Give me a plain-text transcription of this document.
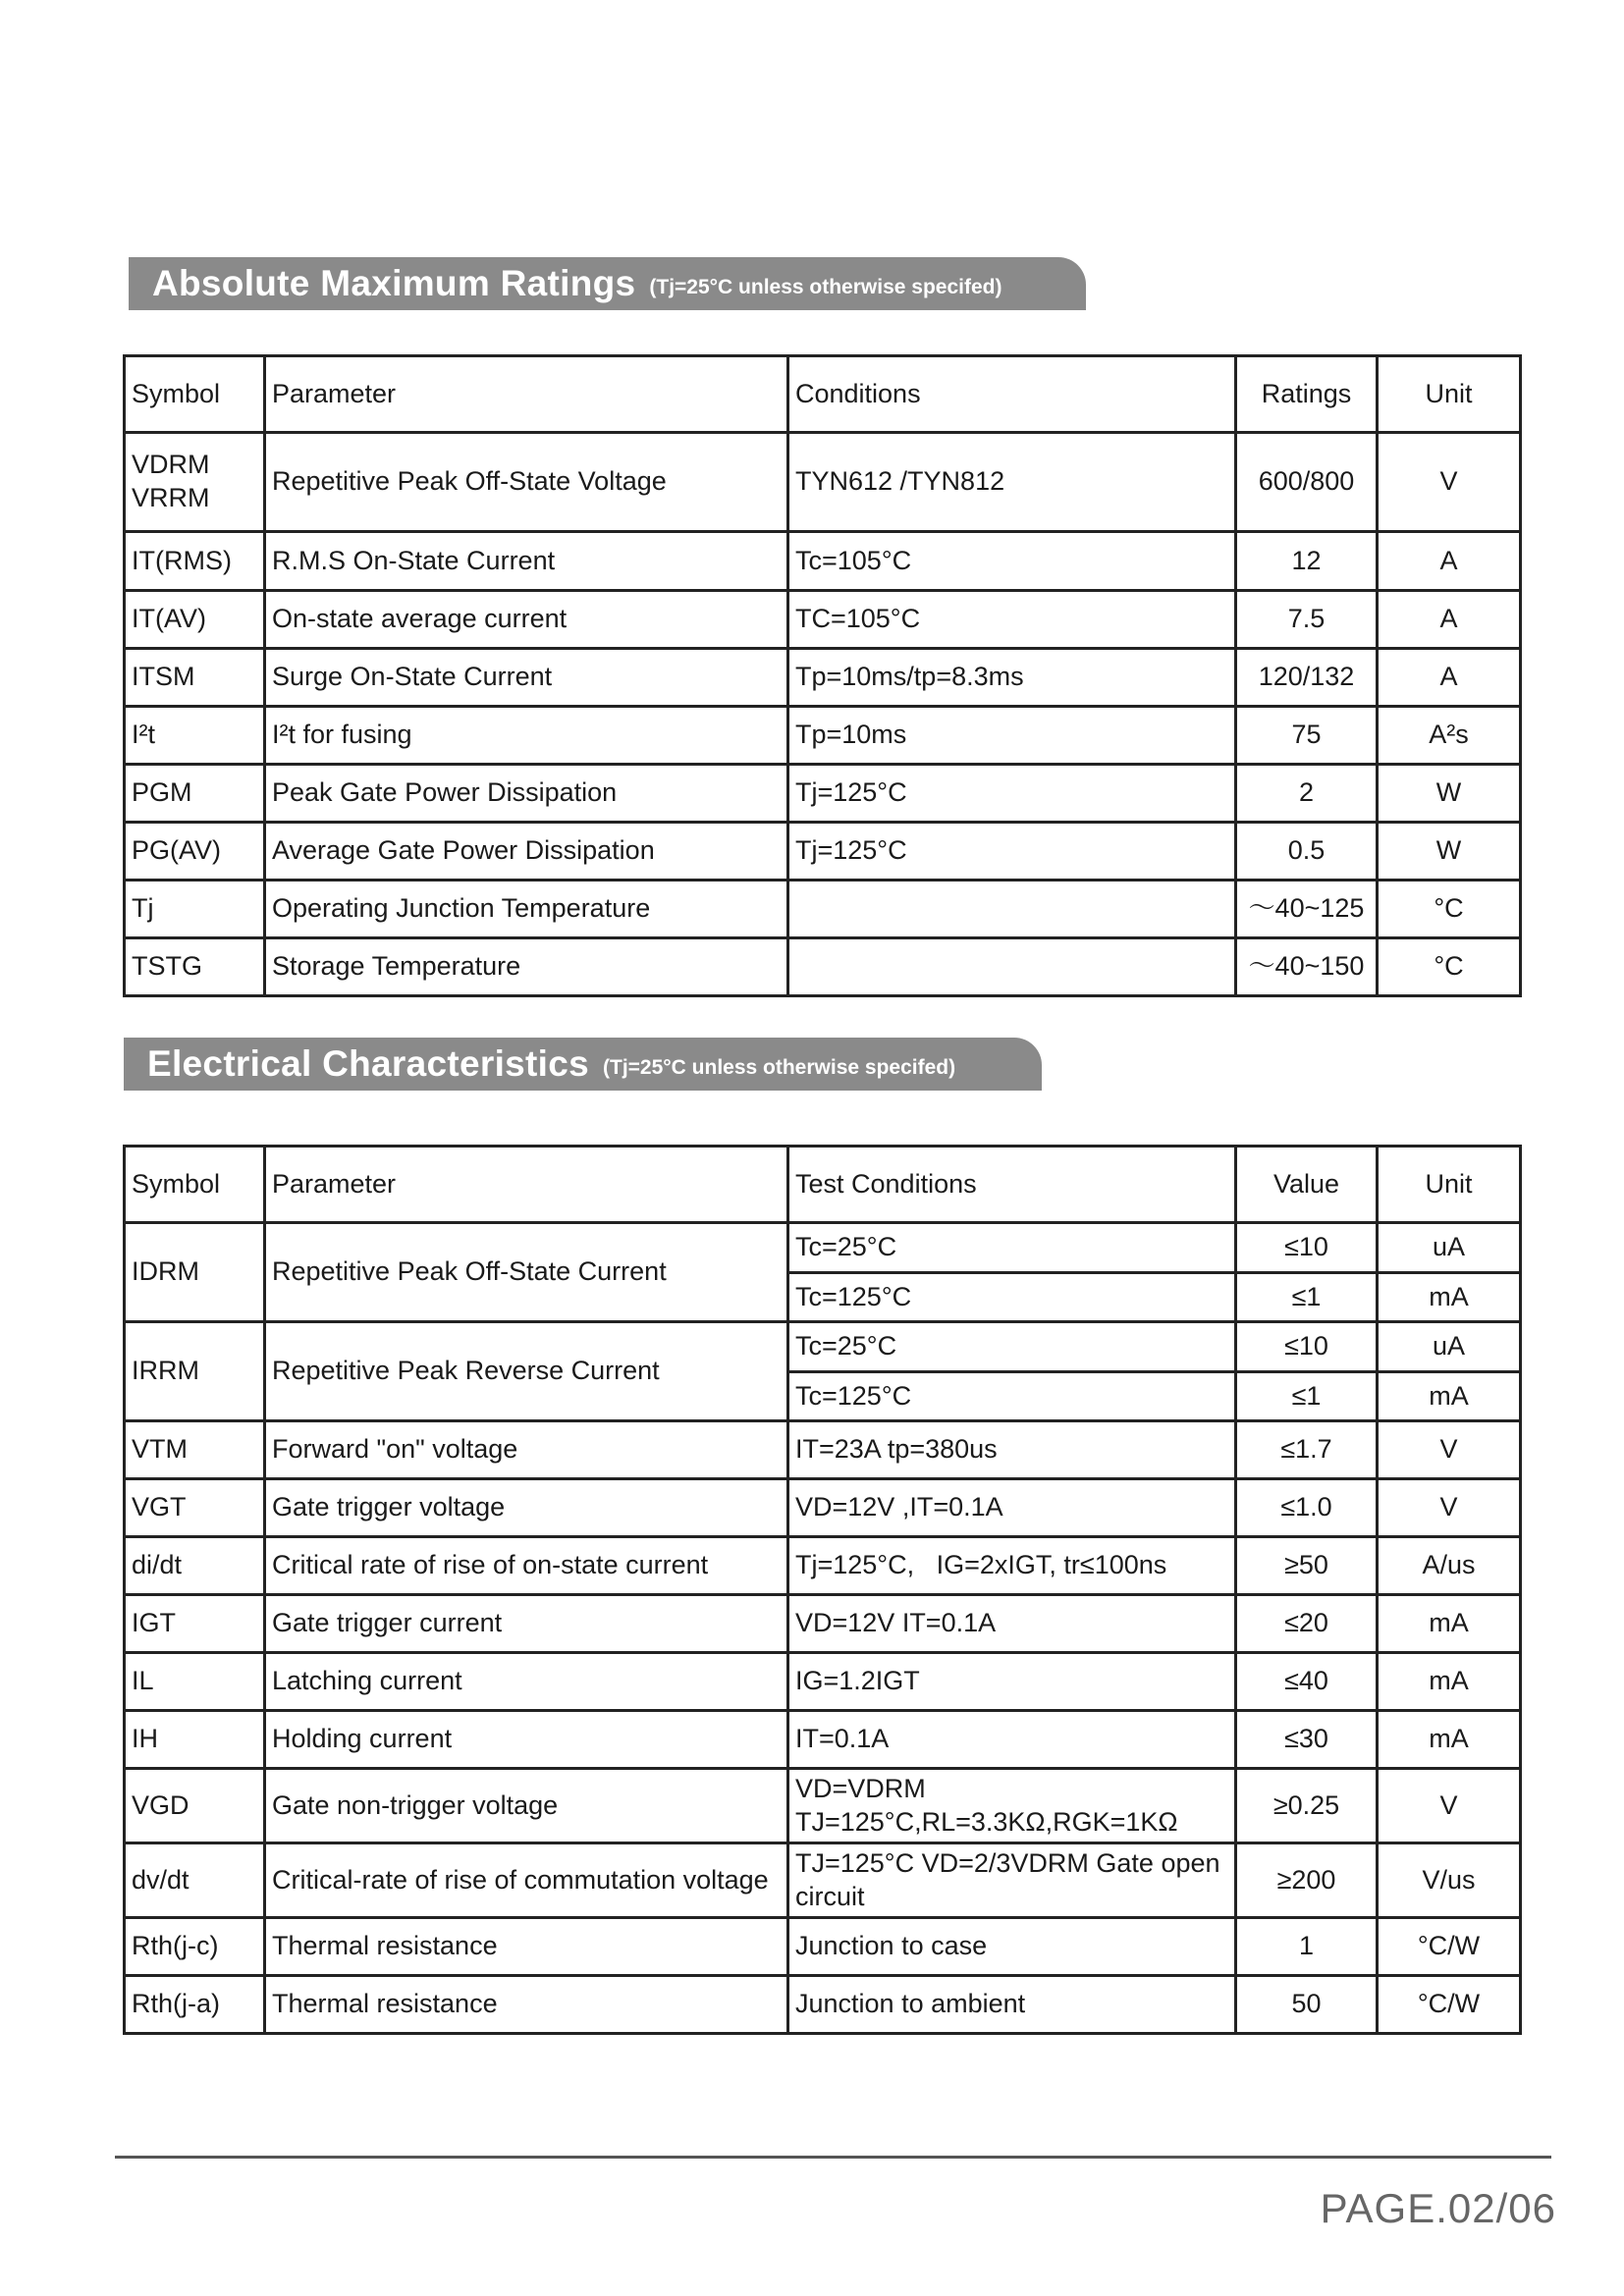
Absolute Maximum Ratings (Tj=25°C unless otherwise specifed)
Symbol	Parameter	Conditions	Ratings	Unit
VDRM
VRRM	Repetitive Peak Off-State Voltage	TYN612 /TYN812	600/800	V
IT(RMS)	R.M.S On-State Current	Tc=105°C	12	A
IT(AV)	On-state average current	TC=105°C	7.5	A
ITSM	Surge On-State Current	Tp=10ms/tp=8.3ms	120/132	A
I²t	I²t for fusing	Tp=10ms	75	A²s
PGM	Peak Gate Power Dissipation	Tj=125°C	2	W
PG(AV)	Average Gate Power Dissipation	Tj=125°C	0.5	W
Tj	Operating Junction Temperature		～40~125	°C
TSTG	Storage Temperature		～40~150	°C
Electrical Characteristics (Tj=25°C unless otherwise specifed)
Symbol	Parameter	Test Conditions	Value	Unit
IDRM	Repetitive Peak Off-State Current	Tc=25°C	≤10	uA
		Tc=125°C	≤1	mA
IRRM	Repetitive Peak Reverse Current	Tc=25°C	≤10	uA
		Tc=125°C	≤1	mA
VTM	Forward "on" voltage	IT=23A tp=380us	≤1.7	V
VGT	Gate trigger voltage	VD=12V ,IT=0.1A	≤1.0	V
di/dt	Critical rate of rise of on-state current	Tj=125°C,   IG=2xIGT, tr≤100ns	≥50	A/us
IGT	Gate trigger current	VD=12V IT=0.1A	≤20	mA
IL	Latching current	IG=1.2IGT	≤40	mA
IH	Holding current	IT=0.1A	≤30	mA
VGD	Gate non-trigger voltage	VD=VDRM
TJ=125°C,RL=3.3KΩ,RGK=1KΩ	≥0.25	V
dv/dt	Critical-rate of rise of commutation voltage	TJ=125°C VD=2/3VDRM Gate open circuit	≥200	V/us
Rth(j-c)	Thermal resistance	Junction to case	1	°C/W
Rth(j-a)	Thermal resistance	Junction to ambient	50	°C/W
PAGE.02/06
